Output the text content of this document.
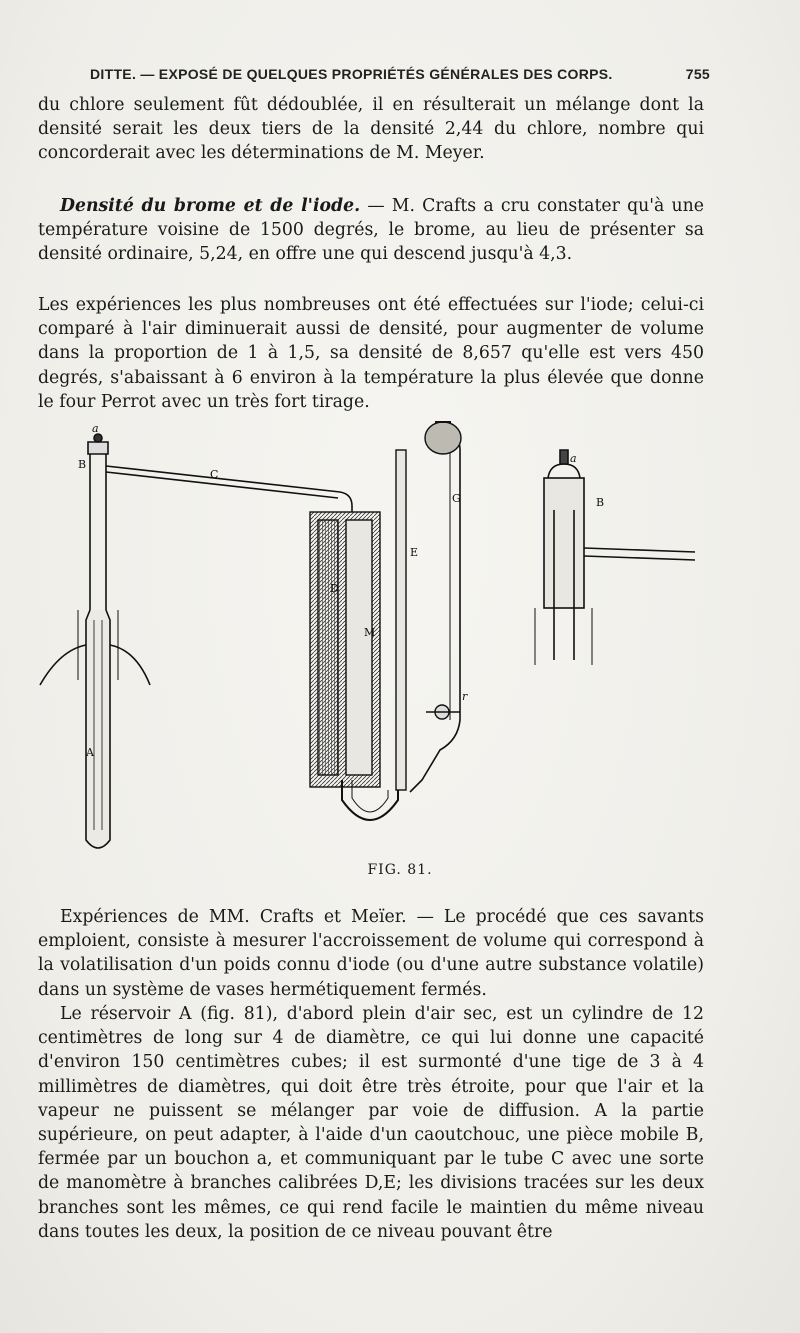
DITTE. — EXPOSÉ DE QUELQUES PROPRIÉTÉS GÉNÉRALES DES CORPS.	755
du chlore seulement fût dédoublée, il en résulterait un mélange dont la densité serait les deux tiers de la densité 2,44 du chlore, nombre qui concorderait avec les déterminations de M. Meyer.
Densité du brome et de l'iode. — M. Crafts a cru constater qu'à une température voisine de 1500 degrés, le brome, au lieu de présenter sa densité ordinaire, 5,24, en offre une qui descend jusqu'à 4,3.
Les expériences les plus nombreuses ont été effectuées sur l'iode; celui-ci comparé à l'air diminuerait aussi de densité, pour augmenter de volume dans la proportion de 1 à 1,5, sa densité de 8,657 qu'elle est vers 450 degrés, s'abaissant à 6 environ à la température la plus élevée que donne le four Perrot avec un très fort tirage.
a
B
C
A
D
M
E
G
r
a
B
FIG. 81.
Expériences de MM. Crafts et Meïer. — Le procédé que ces savants emploient, consiste à mesurer l'accroissement de volume qui correspond à la volatilisation d'un poids connu d'iode (ou d'une autre substance volatile) dans un système de vases hermétiquement fermés.
Le réservoir A (fig. 81), d'abord plein d'air sec, est un cylindre de 12 centimètres de long sur 4 de diamètre, ce qui lui donne une capacité d'environ 150 centimètres cubes; il est surmonté d'une tige de 3 à 4 millimètres de diamètres, qui doit être très étroite, pour que l'air et la vapeur ne puissent se mélanger par voie de diffusion. A la partie supérieure, on peut adapter, à l'aide d'un caoutchouc, une pièce mobile B, fermée par un bouchon a, et communiquant par le tube C avec une sorte de manomètre à branches calibrées D,E; les divisions tracées sur les deux branches sont les mêmes, ce qui rend facile le maintien du même niveau dans toutes les deux, la position de ce niveau pouvant être
